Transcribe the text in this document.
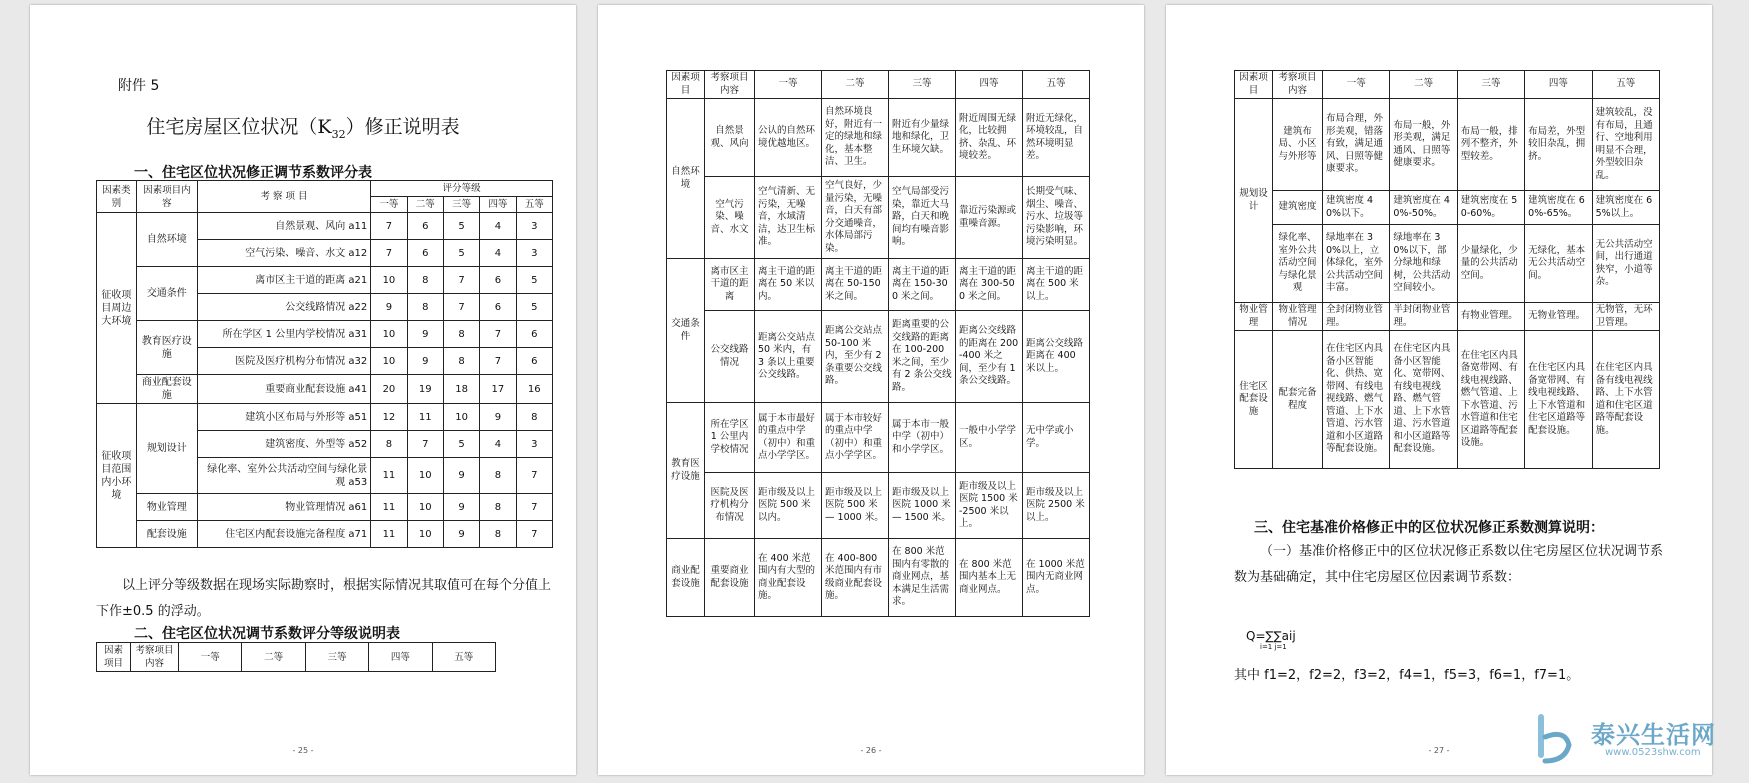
附件 5
住宅房屋区位状况$(K_{32})$修正说明表
一、住宅区位状况修正调节系数评分表
因素类别	因素项目内 容	考 察 项 目	评分等级				
			一等	二等	三等	四等	五等
征收项目周边大环境	自然环境	自然景观、风向 a11	7	6	5	4	3
		空气污染、噪音、水文 a12	7	6	5	4	3
	交通条件	离市区主干道的距离 a21	10	8	7	6	5
		公交线路情况 a22	9	8	7	6	5
	教育医疗设施	所在学区 1 公里内学校情况 a31	10	9	8	7	6
		医院及医疗机构分布情况 a32	10	9	8	7	6
	商业配套设施	重要商业配套设施 a41	20	19	18	17	16
征收项目范围内小环境	规划设计	建筑小区布局与外形等 a51	12	11	10	9	8
		建筑密度、外型等 a52	8	7	5	4	3
		绿化率、室外公共活动空间与绿化景观 a53	11	10	9	8	7
	物业管理	物业管理情况 a61	11	10	9	8	7
	配套设施	住宅区内配套设施完备程度 a71	11	10	9	8	7
以上评分等级数据在现场实际勘察时，根据实际情况其取值可在每个分值上下作±0.5 的浮动。
二、住宅区位状况调节系数评分等级说明表
因素项目	考察项目内容	一等	二等	三等	四等	五等
- 25 -
因素项目	考察项目内容	一等	二等	三等	四等	五等
自然环境	自然景观、风向	公认的自然环境优越地区。	自然环境良好，附近有一定的绿地和绿化，基本整洁、卫生。	附近有少量绿地和绿化，卫生环境欠缺。	附近周围无绿化，比较拥挤、杂乱、环境较差。	附近无绿化，环境较乱，自然环境明显差。
	空气污染、噪音、水文	空气清新、无污染，无噪音，水域清洁，达卫生标准。	空气良好，少量污染，无噪音，白天有部分交通噪音，水体局部污染。	空气局部受污染，靠近大马路，白天和晚间均有噪音影响。	靠近污染源或重噪音源。	长期受气味、烟尘、噪音、污水、垃圾等污染影响，环境污染明显。
交通条件	离市区主干道的距离	离主干道的距离在 50 米以内。	离主干道的距离在 50-150 米之间。	离主干道的距离在 150-300 米之间。	离主干道的距离在 300-500 米之间。	离主干道的距离在 500 米以上。
	公交线路情况	距离公交站点 50 米内，有 3 条以上重要公交线路。	距离公交站点 50-100 米内，至少有 2 条重要公交线路。	距离重要的公交线路的距离在 100-200 米之间，至少有 2 条公交线路。	距离公交线路的距离在 200-400 米之间，至少有 1 条公交线路。	距离公交线路距离在 400 米以上。
教育医疗设施	所在学区 1 公里内学校情况	属于本市最好的重点中学（初中）和重点小学学区。	属于本市较好的重点中学（初中）和重点小学学区。	属于本市一般中学（初中）和小学学区。	一般中小学学区。	无中学或小学。
	医院及医疗机构分布情况	距市级及以上医院 500 米以内。	距市级及以上医院 500 米 — 1000 米。	距市级及以上医院 1000 米 — 1500 米。	距市级及以上医院 1500 米 -2500 米以上。	距市级及以上医院 2500 米以上。
商业配套设施	重要商业配套设施	在 400 米范围内有大型的商业配套设施。	在 400-800 米范围内有市级商业配套设施。	在 800 米范围内有零散的商业网点，基本满足生活需求。	在 800 米范围内基本上无商业网点。	在 1000 米范围内无商业网点。
- 26 -
因素项目	考察项目内容	一等	二等	三等	四等	五等
规划设计	建筑布局、小区与外形等	布局合理，外形美观，错落有致，满足通风、日照等健康要求。	布局一般，外形美观，满足通风、日照等健康要求。	布局一般，排列不整齐，外型较差。	布局差，外型较旧杂乱，拥挤。	建筑较乱，没有布局，且通行、空地利用明显不合理，外型较旧杂乱。
	建筑密度	建筑密度 40%以下。	建筑密度在 40%-50%。	建筑密度在 50-60%。	建筑密度在 60%-65%。	建筑密度在 65%以上。
	绿化率、室外公共活动空间与绿化景观	绿地率在 30%以上，立体绿化，室外公共活动空间丰富。	绿地率在 30%以下，部分绿地和绿树，公共活动空间较小。	少量绿化，少量的公共活动空间。	无绿化，基本无公共活动空间。	无公共活动空间，出行通道狭窄，小道等杂。
物业管理	物业管理情况	全封闭物业管理。	半封闭物业管理。	有物业管理。	无物业管理。	无物管，无环卫管理。
住宅区配套设施	配套完备程度	在住宅区内具备小区智能化、供热、宽带网、有线电视线路、燃气管道、上下水管道、污水管道和小区道路等配套设施。	在住宅区内具备小区智能化、宽带网、有线电视线路、燃气管道、上下水管道、污水管道和小区道路等配套设施。	在住宅区内具备宽带网、有线电视线路、燃气管道、上下水管道、污水管道和住宅区道路等配套设施。	在住宅区内具备宽带网、有线电视线路、上下水管道和住宅区道路等配套设施。	在住宅区内具备有线电视线路、上下水管道和住宅区道路等配套设施。
三、住宅基准价格修正中的区位状况修正系数测算说明：
（一）基准价格修正中的区位状况修正系数以住宅房屋区位状况调节系数为基础确定，其中住宅房屋区位因素调节系数：
Q=∑∑aij
i=1 j=1
其中 f1=2，f2=2，f3=2，f4=1，f5=3，f6=1，f7=1。
- 27 -
泰兴生活网
www.0523shw.com
